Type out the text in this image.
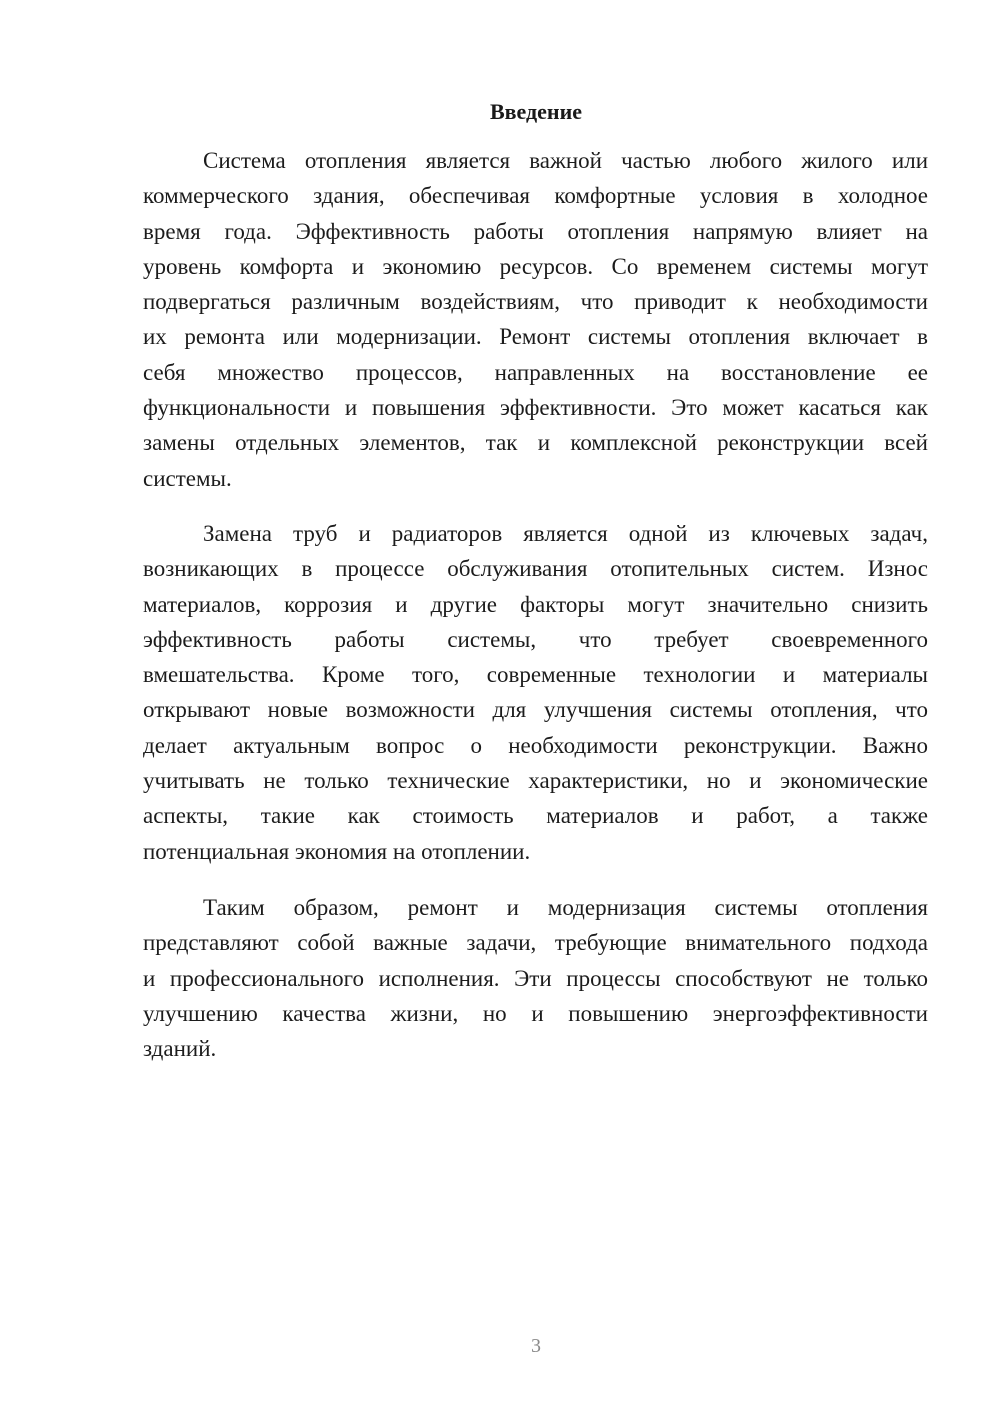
Введение
Система отопления является важной частью любого жилого или
коммерческого здания, обеспечивая комфортные условия в холодное
время года. Эффективность работы отопления напрямую влияет на
уровень комфорта и экономию ресурсов. Со временем системы могут
подвергаться различным воздействиям, что приводит к необходимости
их ремонта или модернизации. Ремонт системы отопления включает в
себя множество процессов, направленных на восстановление ее
функциональности и повышения эффективности. Это может касаться как
замены отдельных элементов, так и комплексной реконструкции всей
системы.
Замена труб и радиаторов является одной из ключевых задач,
возникающих в процессе обслуживания отопительных систем. Износ
материалов, коррозия и другие факторы могут значительно снизить
эффективность работы системы, что требует своевременного
вмешательства. Кроме того, современные технологии и материалы
открывают новые возможности для улучшения системы отопления, что
делает актуальным вопрос о необходимости реконструкции. Важно
учитывать не только технические характеристики, но и экономические
аспекты, такие как стоимость материалов и работ, а также
потенциальная экономия на отоплении.
Таким образом, ремонт и модернизация системы отопления
представляют собой важные задачи, требующие внимательного подхода
и профессионального исполнения. Эти процессы способствуют не только
улучшению качества жизни, но и повышению энергоэффективности
зданий.
3
